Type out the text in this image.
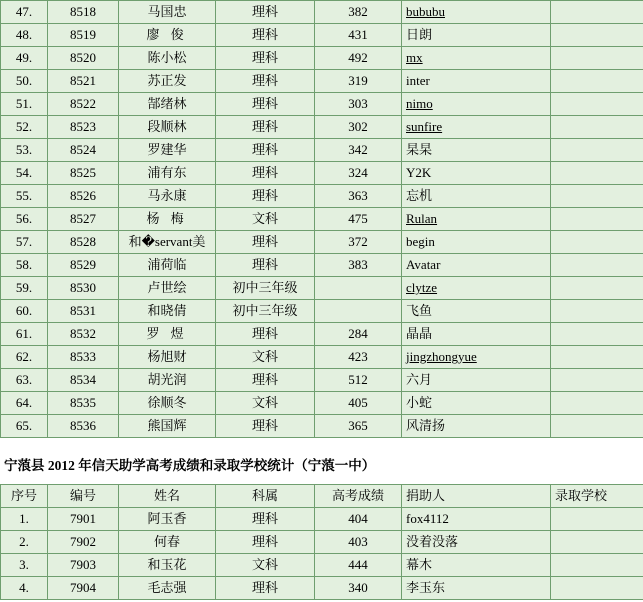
47.	8518	马国忠	理科	382	bububu	
48.	8519	廖 俊	理科	431	日朗	
49.	8520	陈小松	理科	492	mx	
50.	8521	苏正发	理科	319	inter	
51.	8522	郜绪林	理科	303	nimo	
52.	8523	段顺林	理科	302	sunfire	
53.	8524	罗建华	理科	342	杲杲	
54.	8525	浦有东	理科	324	Y2K	
55.	8526	马永康	理科	363	忘机	
56.	8527	杨 梅	文科	475	Rulan	
57.	8528	和�servant美	理科	372	begin	
58.	8529	浦荷临	理科	383	Avatar	
59.	8530	卢世绘	初中三年级		clytze	
60.	8531	和晓倩	初中三年级		飞鱼	
61.	8532	罗 煜	理科	284	晶晶	
62.	8533	杨旭财	文科	423	jingzhongyue	
63.	8534	胡光润	理科	512	六月	
64.	8535	徐顺冬	文科	405	小蛇	
65.	8536	熊国辉	理科	365	风清扬	
宁蒗县 2012 年信天助学高考成绩和录取学校统计（宁蒗一中）
序号	编号	姓名	科属	高考成绩	捐助人	录取学校
1.	7901	阿玉香	理科	404	fox4112	
2.	7902	何春	理科	403	没着没落	
3.	7903	和玉花	文科	444	幕木	
4.	7904	毛志强	理科	340	李玉东	
